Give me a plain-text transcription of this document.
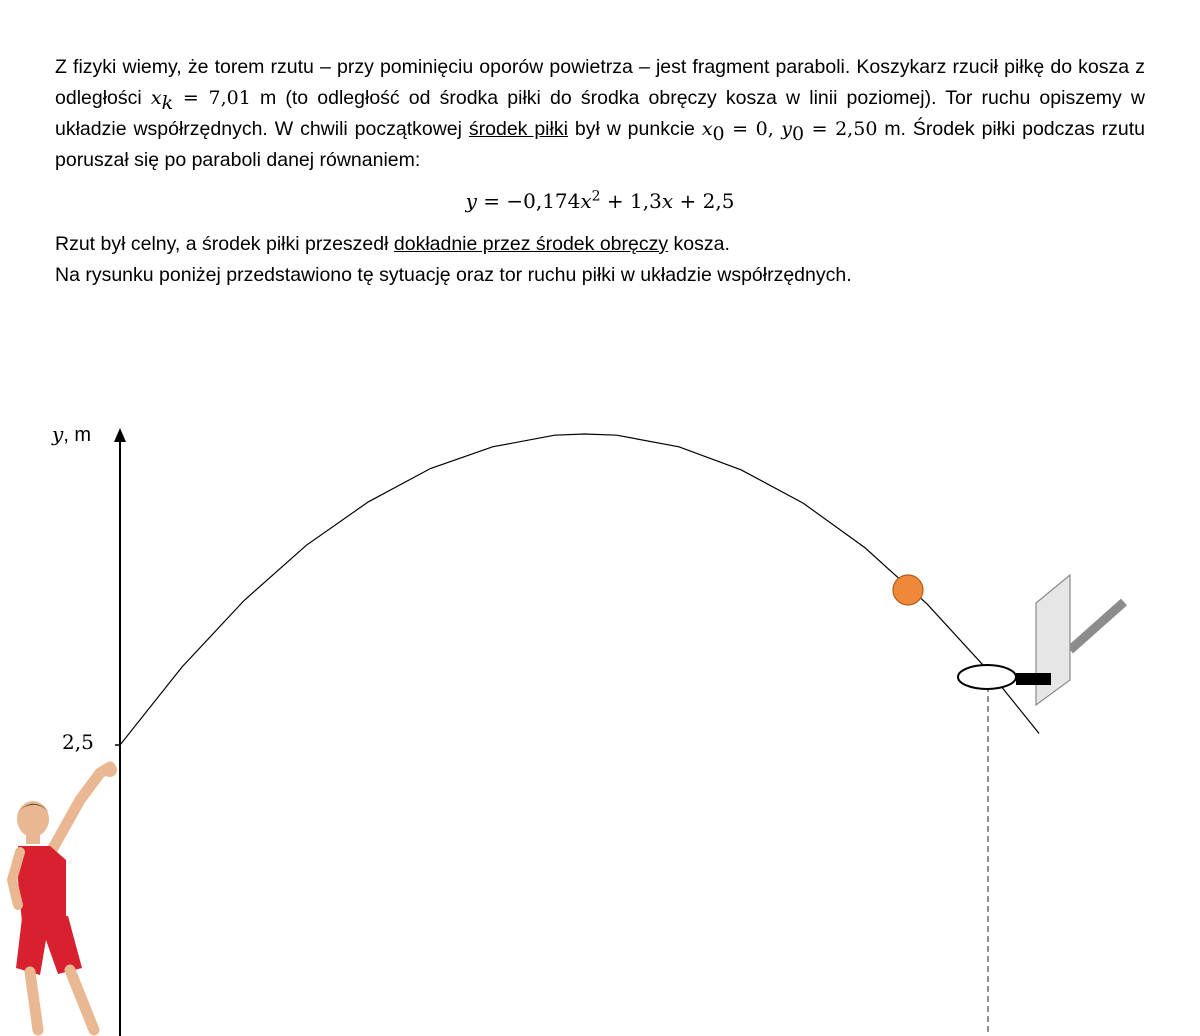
Z fizyki wiemy, że torem rzutu – przy pominięciu oporów powietrza – jest fragment paraboli. Koszykarz rzucił piłkę do kosza z odległości $x_k = 7,01$ m (to odległość od środka piłki do środka obręczy kosza w linii poziomej). Tor ruchu opiszemy w układzie współrzędnych. W chwili początkowej środek piłki był w punkcie $x_0 = 0$, $y_0 = 2,50$ m. Środek piłki podczas rzutu poruszał się po paraboli danej równaniem:

$y = -0,174x^2 + 1,3x + 2,5$

Rzut był celny, a środek piłki przeszedł dokładnie przez środek obręczy kosza.

Na rysunku poniżej przedstawiono tę sytuację oraz tor ruchu piłki w układzie współrzędnych.

y, m
2,5
